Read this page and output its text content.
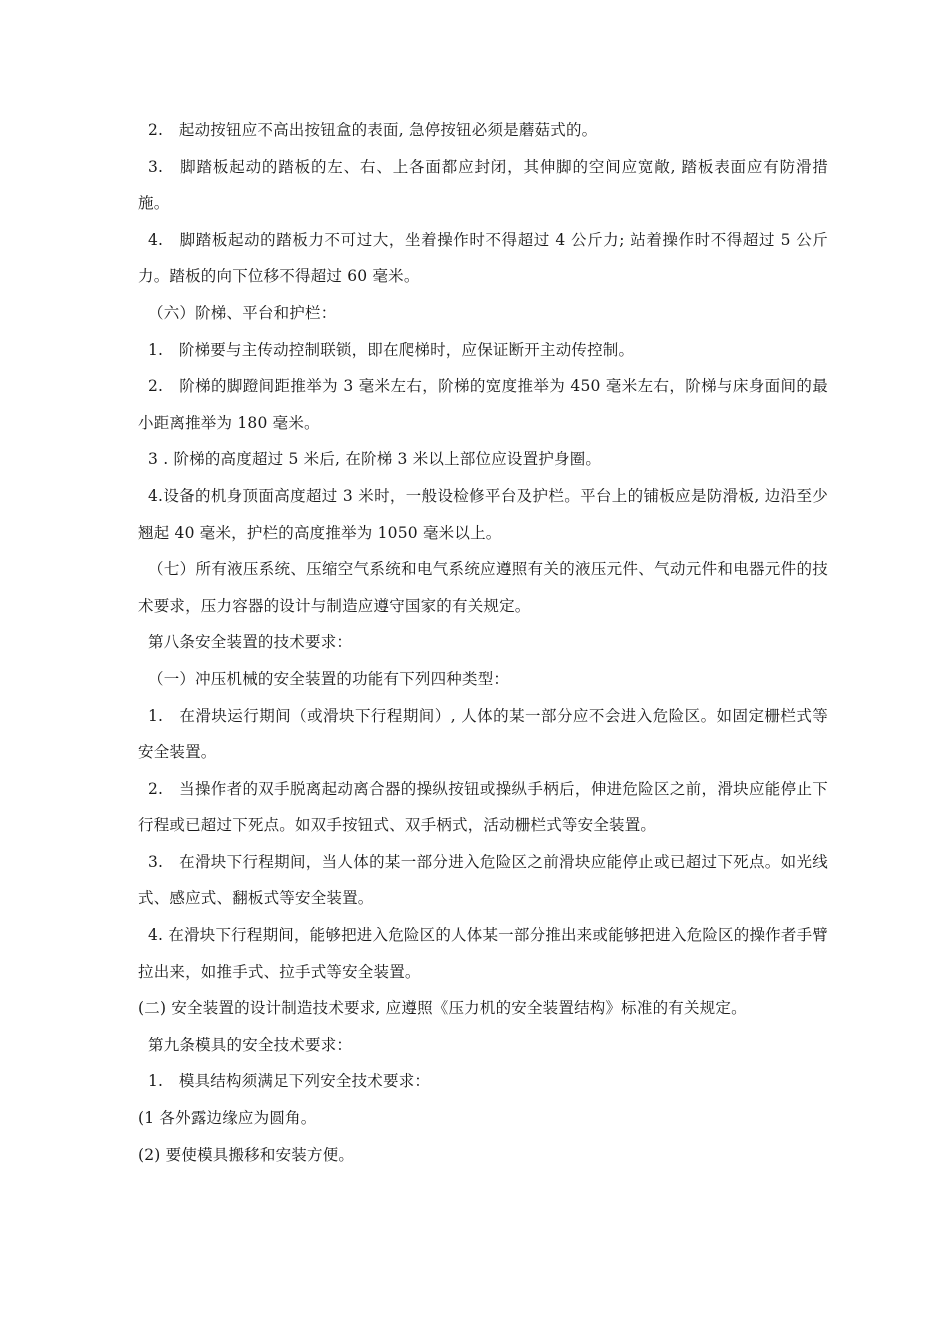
2.　起动按钮应不高出按钮盒的表面, 急停按钮必须是蘑菇式的。

3.　脚踏板起动的踏板的左、右、上各面都应封闭，其伸脚的空间应宽敞, 踏板表面应有防滑措施。

4.　脚踏板起动的踏板力不可过大，坐着操作时不得超过 4 公斤力; 站着操作时不得超过 5 公斤力。踏板的向下位移不得超过 60 毫米。

（六）阶梯、平台和护栏：

1.　阶梯要与主传动控制联锁，即在爬梯时，应保证断开主动传控制。

2.　阶梯的脚蹬间距推举为 3 毫米左右，阶梯的宽度推举为 450 毫米左右，阶梯与床身面间的最小距离推举为 180 毫米。

3 . 阶梯的高度超过 5 米后, 在阶梯 3 米以上部位应设置护身圈。

4.设备的机身顶面高度超过 3 米时，一般设检修平台及护栏。平台上的铺板应是防滑板, 边沿至少翘起 40 毫米，护栏的高度推举为 1050 毫米以上。

（七）所有液压系统、压缩空气系统和电气系统应遵照有关的液压元件、气动元件和电器元件的技术要求，压力容器的设计与制造应遵守国家的有关规定。

第八条安全装置的技术要求：

（一）冲压机械的安全装置的功能有下列四种类型：

1.　在滑块运行期间（或滑块下行程期间）, 人体的某一部分应不会进入危险区。如固定栅栏式等安全装置。

2.　当操作者的双手脱离起动离合器的操纵按钮或操纵手柄后，伸进危险区之前，滑块应能停止下行程或已超过下死点。如双手按钮式、双手柄式，活动栅栏式等安全装置。

3.　在滑块下行程期间，当人体的某一部分进入危险区之前滑块应能停止或已超过下死点。如光线式、感应式、翻板式等安全装置。

4. 在滑块下行程期间，能够把进入危险区的人体某一部分推出来或能够把进入危险区的操作者手臂拉出来，如推手式、拉手式等安全装置。

(二) 安全装置的设计制造技术要求, 应遵照《压力机的安全装置结构》标准的有关规定。

第九条模具的安全技术要求：

1.　模具结构须满足下列安全技术要求：

(1 各外露边缘应为圆角。

(2) 要使模具搬移和安装方便。
